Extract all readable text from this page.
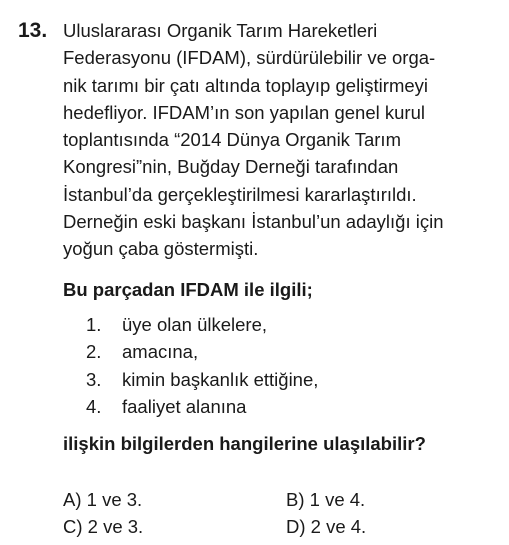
13. Uluslararası Organik Tarım Hareketleri
Federasyonu (IFDAM), sürdürülebilir ve orga-
nik tarımı bir çatı altında toplayıp geliştirmeyi
hedefliyor. IFDAM’ın son yapılan genel kurul
toplantısında “2014 Dünya Organik Tarım
Kongresi”nin, Buğday Derneği tarafından
İstanbul’da gerçekleştirilmesi kararlaştırıldı.
Derneğin eski başkanı İstanbul’un adaylığı için
yoğun çaba göstermişti.
Bu parçadan IFDAM ile ilgili;
1.	üye olan ülkelere,
2.	amacına,
3.	kimin başkanlık ettiğine,
4.	faaliyet alanına
ilişkin bilgilerden hangilerine ulaşılabilir?
A) 1 ve 3.	B) 1 ve 4.
C) 2 ve 3.	D) 2 ve 4.
